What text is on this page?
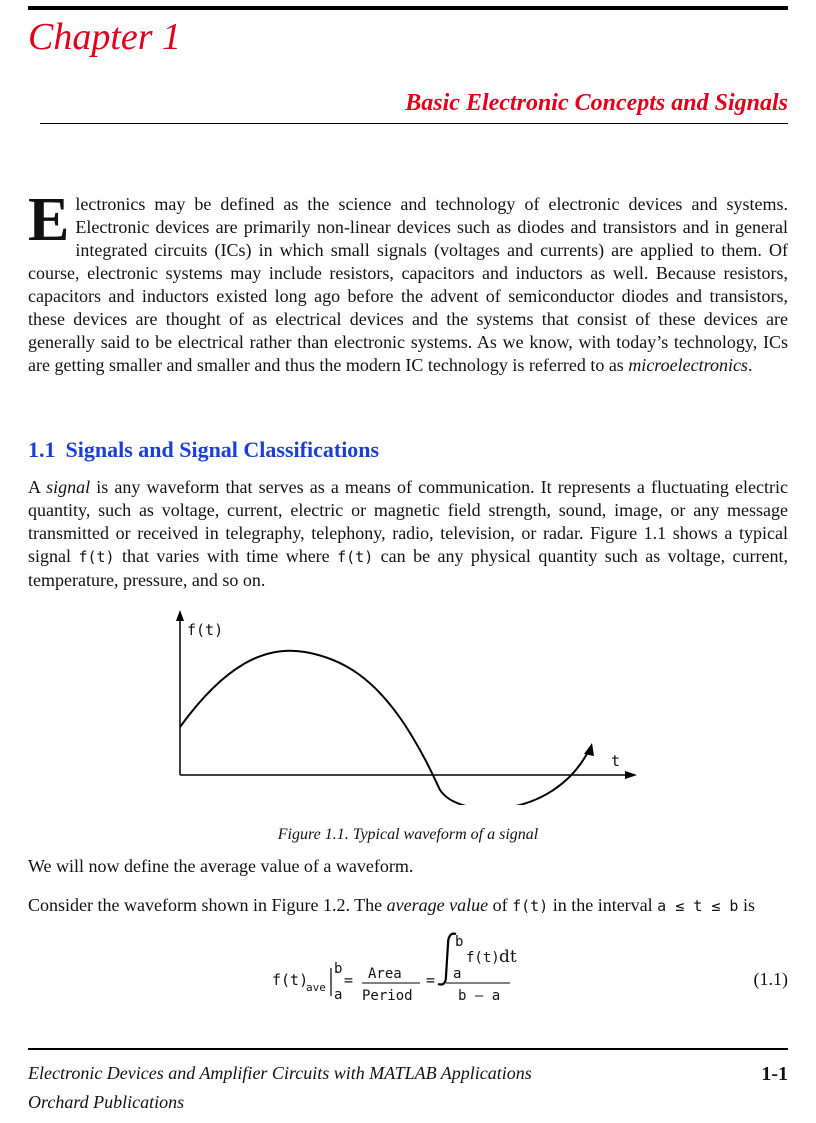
Chapter 1
Basic Electronic Concepts and Signals
Electronics may be defined as the science and technology of electronic devices and systems. Electronic devices are primarily non-linear devices such as diodes and transistors and in general integrated circuits (ICs) in which small signals (voltages and currents) are applied to them. Of course, electronic systems may include resistors, capacitors and inductors as well. Because resistors, capacitors and inductors existed long ago before the advent of semiconductor diodes and transistors, these devices are thought of as electrical devices and the systems that consist of these devices are generally said to be electrical rather than electronic systems. As we know, with today’s technology, ICs are getting smaller and smaller and thus the modern IC technology is referred to as microelectronics.
1.1 Signals and Signal Classifications
A signal is any waveform that serves as a means of communication. It represents a fluctuating electric quantity, such as voltage, current, electric or magnetic field strength, sound, image, or any message transmitted or received in telegraphy, telephony, radio, television, or radar. Figure 1.1 shows a typical signal f(t) that varies with time where f(t) can be any physical quantity such as voltage, current, temperature, pressure, and so on.
f(t)
t
Figure 1.1. Typical waveform of a signal
We will now define the average value of a waveform.
Consider the waveform shown in Figure 1.2. The average value of f(t) in the interval a ≤ t ≤ b is
f(t)
ave
b
a
= Area
Period
=
b
a
f(t) dt
b – a
(1.1)
Electronic Devices and Amplifier Circuits with MATLAB Applications
Orchard Publications
1-1
